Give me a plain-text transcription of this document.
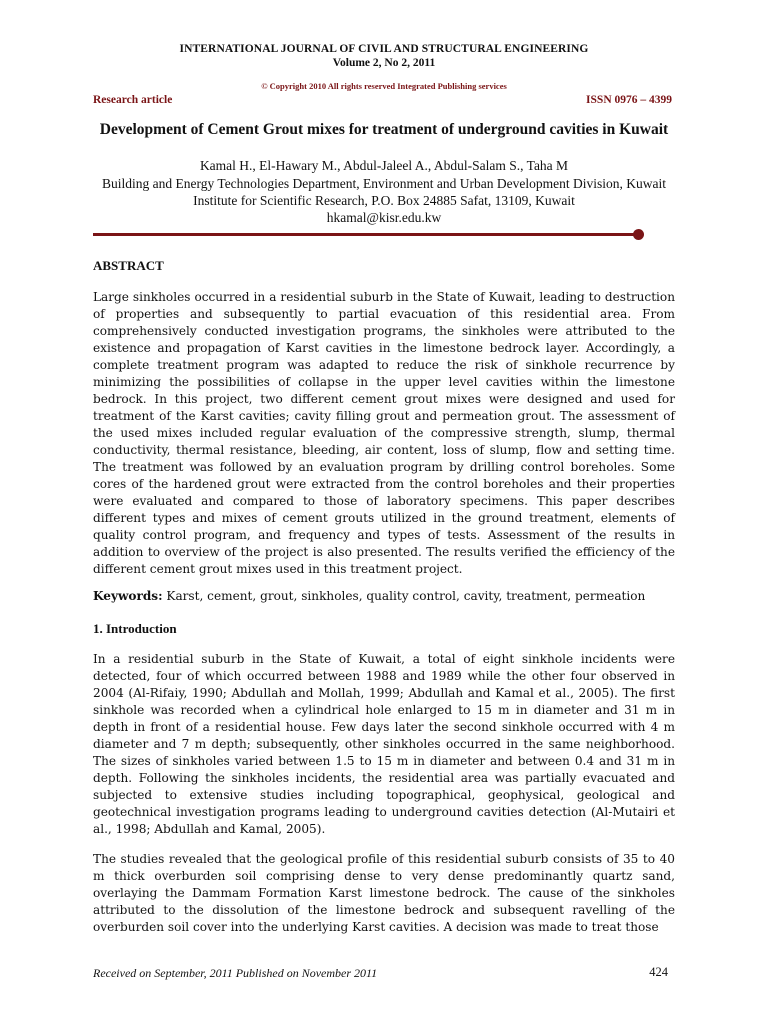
INTERNATIONAL JOURNAL OF CIVIL AND STRUCTURAL ENGINEERING
Volume 2, No 2, 2011
© Copyright 2010 All rights reserved Integrated Publishing services
Research article	ISSN 0976 – 4399
Development of Cement Grout mixes for treatment of underground cavities in Kuwait
Kamal H., El-Hawary M., Abdul-Jaleel A., Abdul-Salam S., Taha M
Building and Energy Technologies Department, Environment and Urban Development Division, Kuwait Institute for Scientific Research, P.O. Box 24885 Safat, 13109, Kuwait
hkamal@kisr.edu.kw
ABSTRACT
Large sinkholes occurred in a residential suburb in the State of Kuwait, leading to destruction of properties and subsequently to partial evacuation of this residential area. From comprehensively conducted investigation programs, the sinkholes were attributed to the existence and propagation of Karst cavities in the limestone bedrock layer. Accordingly, a complete treatment program was adapted to reduce the risk of sinkhole recurrence by minimizing the possibilities of collapse in the upper level cavities within the limestone bedrock. In this project, two different cement grout mixes were designed and used for treatment of the Karst cavities; cavity filling grout and permeation grout. The assessment of the used mixes included regular evaluation of the compressive strength, slump, thermal conductivity, thermal resistance, bleeding, air content, loss of slump, flow and setting time. The treatment was followed by an evaluation program by drilling control boreholes. Some cores of the hardened grout were extracted from the control boreholes and their properties were evaluated and compared to those of laboratory specimens. This paper describes different types and mixes of cement grouts utilized in the ground treatment, elements of quality control program, and frequency and types of tests. Assessment of the results in addition to overview of the project is also presented. The results verified the efficiency of the different cement grout mixes used in this treatment project.
Keywords: Karst, cement, grout, sinkholes, quality control, cavity, treatment, permeation
1. Introduction
In a residential suburb in the State of Kuwait, a total of eight sinkhole incidents were detected, four of which occurred between 1988 and 1989 while the other four observed in 2004 (Al-Rifaiy, 1990; Abdullah and Mollah, 1999; Abdullah and Kamal et al., 2005). The first sinkhole was recorded when a cylindrical hole enlarged to 15 m in diameter and 31 m in depth in front of a residential house. Few days later the second sinkhole occurred with 4 m diameter and 7 m depth; subsequently, other sinkholes occurred in the same neighborhood. The sizes of sinkholes varied between 1.5 to 15 m in diameter and between 0.4 and 31 m in depth. Following the sinkholes incidents, the residential area was partially evacuated and subjected to extensive studies including topographical, geophysical, geological and geotechnical investigation programs leading to underground cavities detection (Al-Mutairi et al., 1998; Abdullah and Kamal, 2005).
The studies revealed that the geological profile of this residential suburb consists of 35 to 40 m thick overburden soil comprising dense to very dense predominantly quartz sand, overlaying the Dammam Formation Karst limestone bedrock. The cause of the sinkholes attributed to the dissolution of the limestone bedrock and subsequent ravelling of the overburden soil cover into the underlying Karst cavities. A decision was made to treat those
Received on September, 2011 Published on November 2011	424
